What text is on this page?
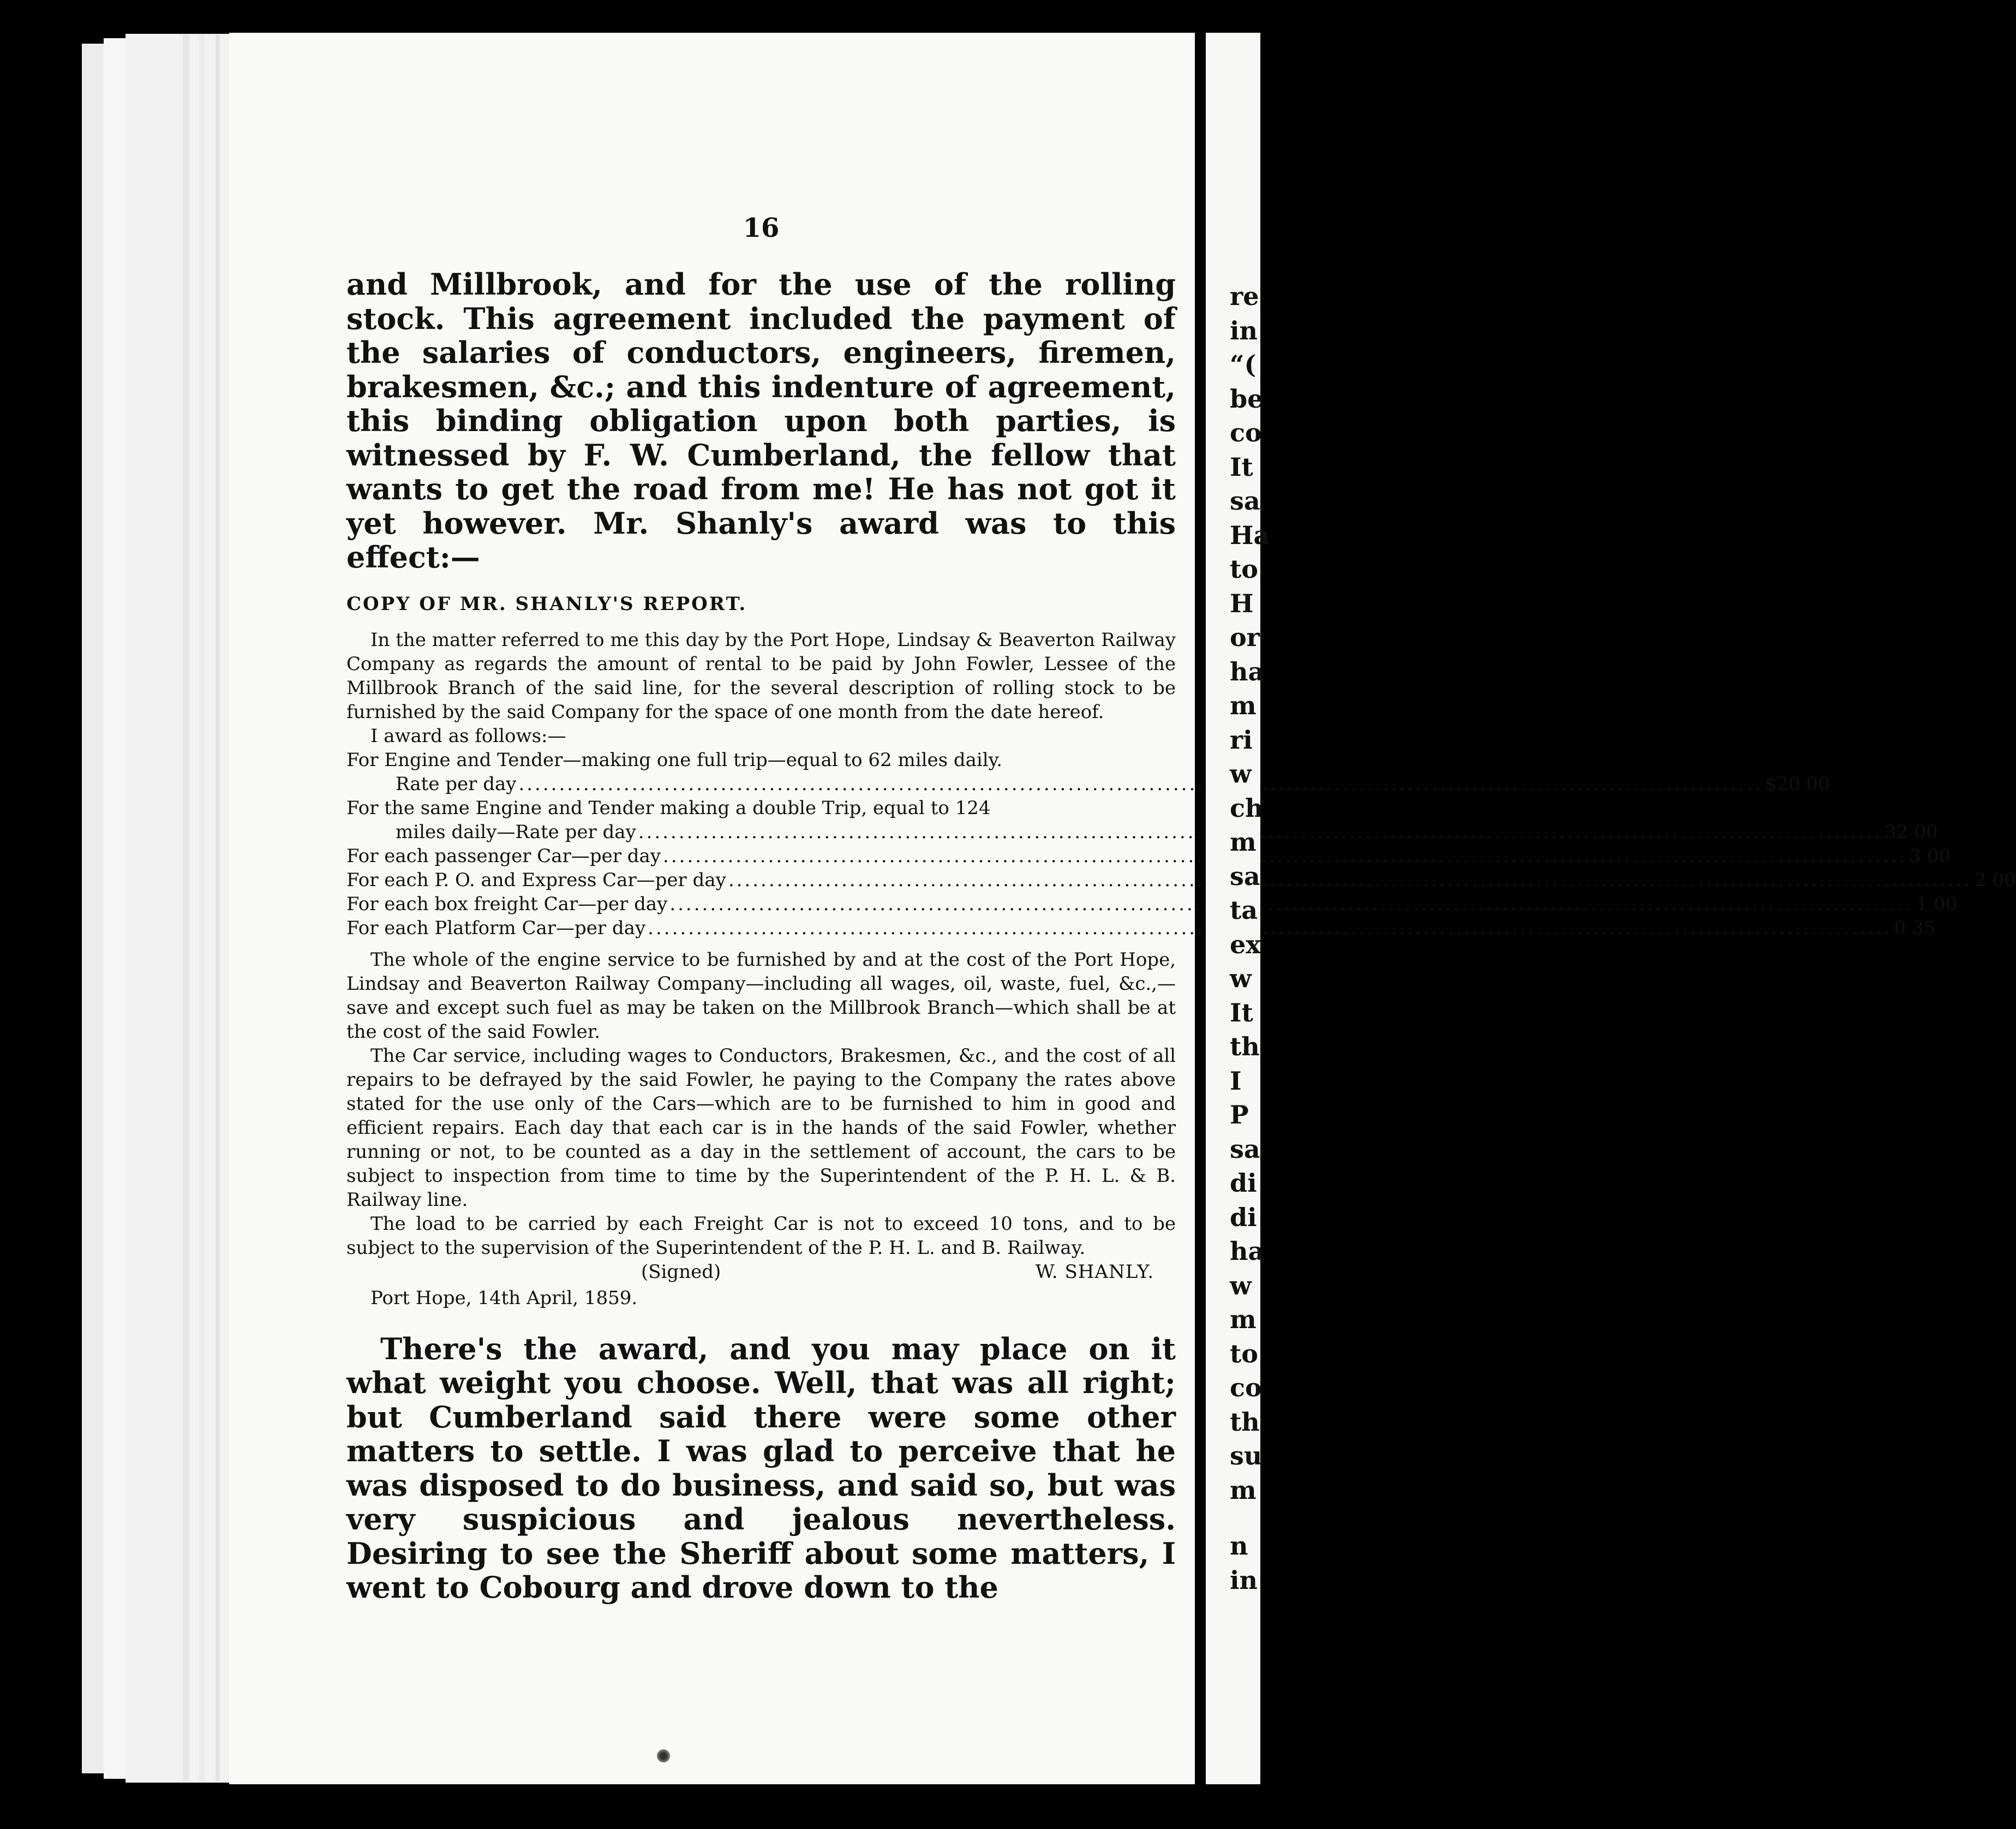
16

and Millbrook, and for the use of the rolling stock. This agreement included the payment of the salaries of conductors, engineers, firemen, brakesmen, &c.; and this indenture of agreement, this binding obligation upon both parties, is witnessed by F. W. Cumberland, the fellow that wants to get the road from me! He has not got it yet however. Mr. Shanly's award was to this effect:—

COPY OF MR. SHANLY'S REPORT.

In the matter referred to me this day by the Port Hope, Lindsay & Beaverton Railway Company as regards the amount of rental to be paid by John Fowler, Lessee of the Millbrook Branch of the said line, for the several description of rolling stock to be furnished by the said Company for the space of one month from the date hereof.

I award as follows:—

For Engine and Tender—making one full trip—equal to 62 miles daily.
Rate per day .....	$20 00
For the same Engine and Tender making a double Trip, equal to 124
miles daily—Rate per day .....	32 00
For each passenger Car—per day .....	3 00
For each P. O. and Express Car—per day .....	2 00
For each box freight Car—per day .....	1 00
For each Platform Car—per day .....	0 35

The whole of the engine service to be furnished by and at the cost of the Port Hope, Lindsay and Beaverton Railway Company—including all wages, oil, waste, fuel, &c.,— save and except such fuel as may be taken on the Millbrook Branch—which shall be at the cost of the said Fowler.

The Car service, including wages to Conductors, Brakesmen, &c., and the cost of all repairs to be defrayed by the said Fowler, he paying to the Company the rates above stated for the use only of the Cars—which are to be furnished to him in good and efficient repairs. Each day that each car is in the hands of the said Fowler, whether running or not, to be counted as a day in the settlement of account, the cars to be subject to inspection from time to time by the Superintendent of the P. H. L. & B. Railway line.

The load to be carried by each Freight Car is not to exceed 10 tons, and to be subject to the supervision of the Superintendent of the P. H. L. and B. Railway.

(Signed)	W. SHANLY.
Port Hope, 14th April, 1859.

There's the award, and you may place on it what weight you choose. Well, that was all right; but Cumberland said there were some other matters to settle. I was glad to perceive that he was disposed to do business, and said so, but was very suspicious and jealous nevertheless. Desiring to see the Sheriff about some matters, I went to Cobourg and drove down to the

re
in
“(
be
co
It
sa
Ha
to
H
or
ha
m
ri
w
ch
m
sa
ta
ex
w
It
th
I
P
sa
di
di
ha
w
m
to
co
th
su
m
n
in
